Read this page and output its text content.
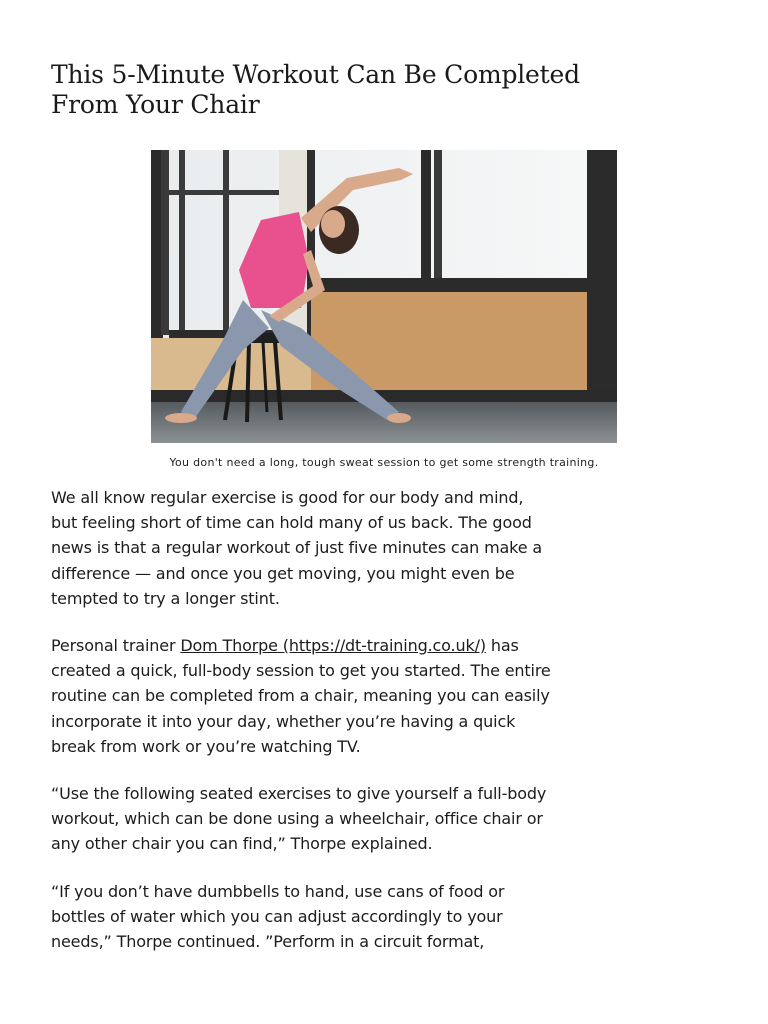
This 5-Minute Workout Can Be Completed From Your Chair
You don't need a long, tough sweat session to get some strength training.

We all know regular exercise is good for our body and mind, but feeling short of time can hold many of us back. The good news is that a regular workout of just five minutes can make a difference — and once you get moving, you might even be tempted to try a longer stint.

Personal trainer Dom Thorpe (https://dt-training.co.uk/) has created a quick, full-body session to get you started. The entire routine can be completed from a chair, meaning you can easily incorporate it into your day, whether you’re having a quick break from work or you’re watching TV.

“Use the following seated exercises to give yourself a full-body workout, which can be done using a wheelchair, office chair or any other chair you can find,” Thorpe explained.

“If you don’t have dumbbells to hand, use cans of food or bottles of water which you can adjust accordingly to your needs,” Thorpe continued. ”Perform in a circuit format,
